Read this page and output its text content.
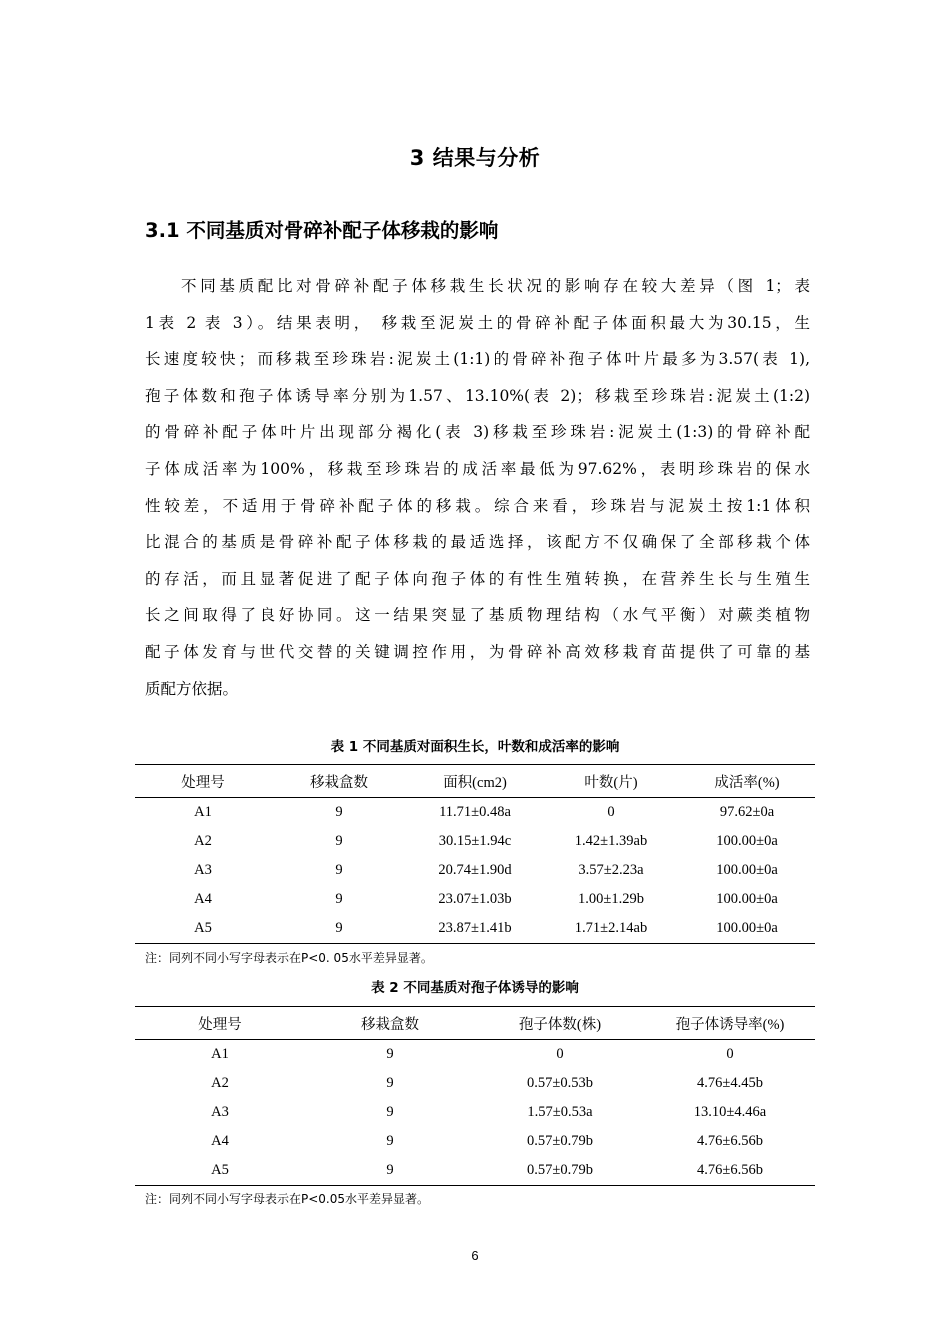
3 结果与分析
3.1 不同基质对骨碎补配子体移栽的影响
不同基质配比对骨碎补配子体移栽生长状况的影响存在较大差异（图 1；表
1表 2 表 3）。结果表明， 移栽至泥炭土的骨碎补配子体面积最大为30.15，生
长速度较快；而移栽至珍珠岩:泥炭土(1:1)的骨碎补孢子体叶片最多为3.57(表 1),
孢子体数和孢子体诱导率分别为1.57、13.10%(表 2)；移栽至珍珠岩:泥炭土(1:2)
的骨碎补配子体叶片出现部分褐化(表 3)移栽至珍珠岩:泥炭土(1:3)的骨碎补配
子体成活率为100%，移栽至珍珠岩的成活率最低为97.62%，表明珍珠岩的保水
性较差，不适用于骨碎补配子体的移栽。综合来看，珍珠岩与泥炭土按1:1体积
比混合的基质是骨碎补配子体移栽的最适选择，该配方不仅确保了全部移栽个体
的存活，而且显著促进了配子体向孢子体的有性生殖转换，在营养生长与生殖生
长之间取得了良好协同。这一结果突显了基质物理结构（水气平衡）对蕨类植物
配子体发育与世代交替的关键调控作用，为骨碎补高效移栽育苗提供了可靠的基
质配方依据。
表 1 不同基质对面积生长，叶数和成活率的影响
处理号	移栽盒数	面积(cm2)	叶数(片)	成活率(%)
A1	9	11.71±0.48a	0	97.62±0a
A2	9	30.15±1.94c	1.42±1.39ab	100.00±0a
A3	9	20.74±1.90d	3.57±2.23a	100.00±0a
A4	9	23.07±1.03b	1.00±1.29b	100.00±0a
A5	9	23.87±1.41b	1.71±2.14ab	100.00±0a
注：同列不同小写字母表示在P<0. 05水平差异显著。
表 2 不同基质对孢子体诱导的影响
处理号	移栽盒数	孢子体数(株)	孢子体诱导率(%)
A1	9	0	0
A2	9	0.57±0.53b	4.76±4.45b
A3	9	1.57±0.53a	13.10±4.46a
A4	9	0.57±0.79b	4.76±6.56b
A5	9	0.57±0.79b	4.76±6.56b
注：同列不同小写字母表示在P<0.05水平差异显著。
6
